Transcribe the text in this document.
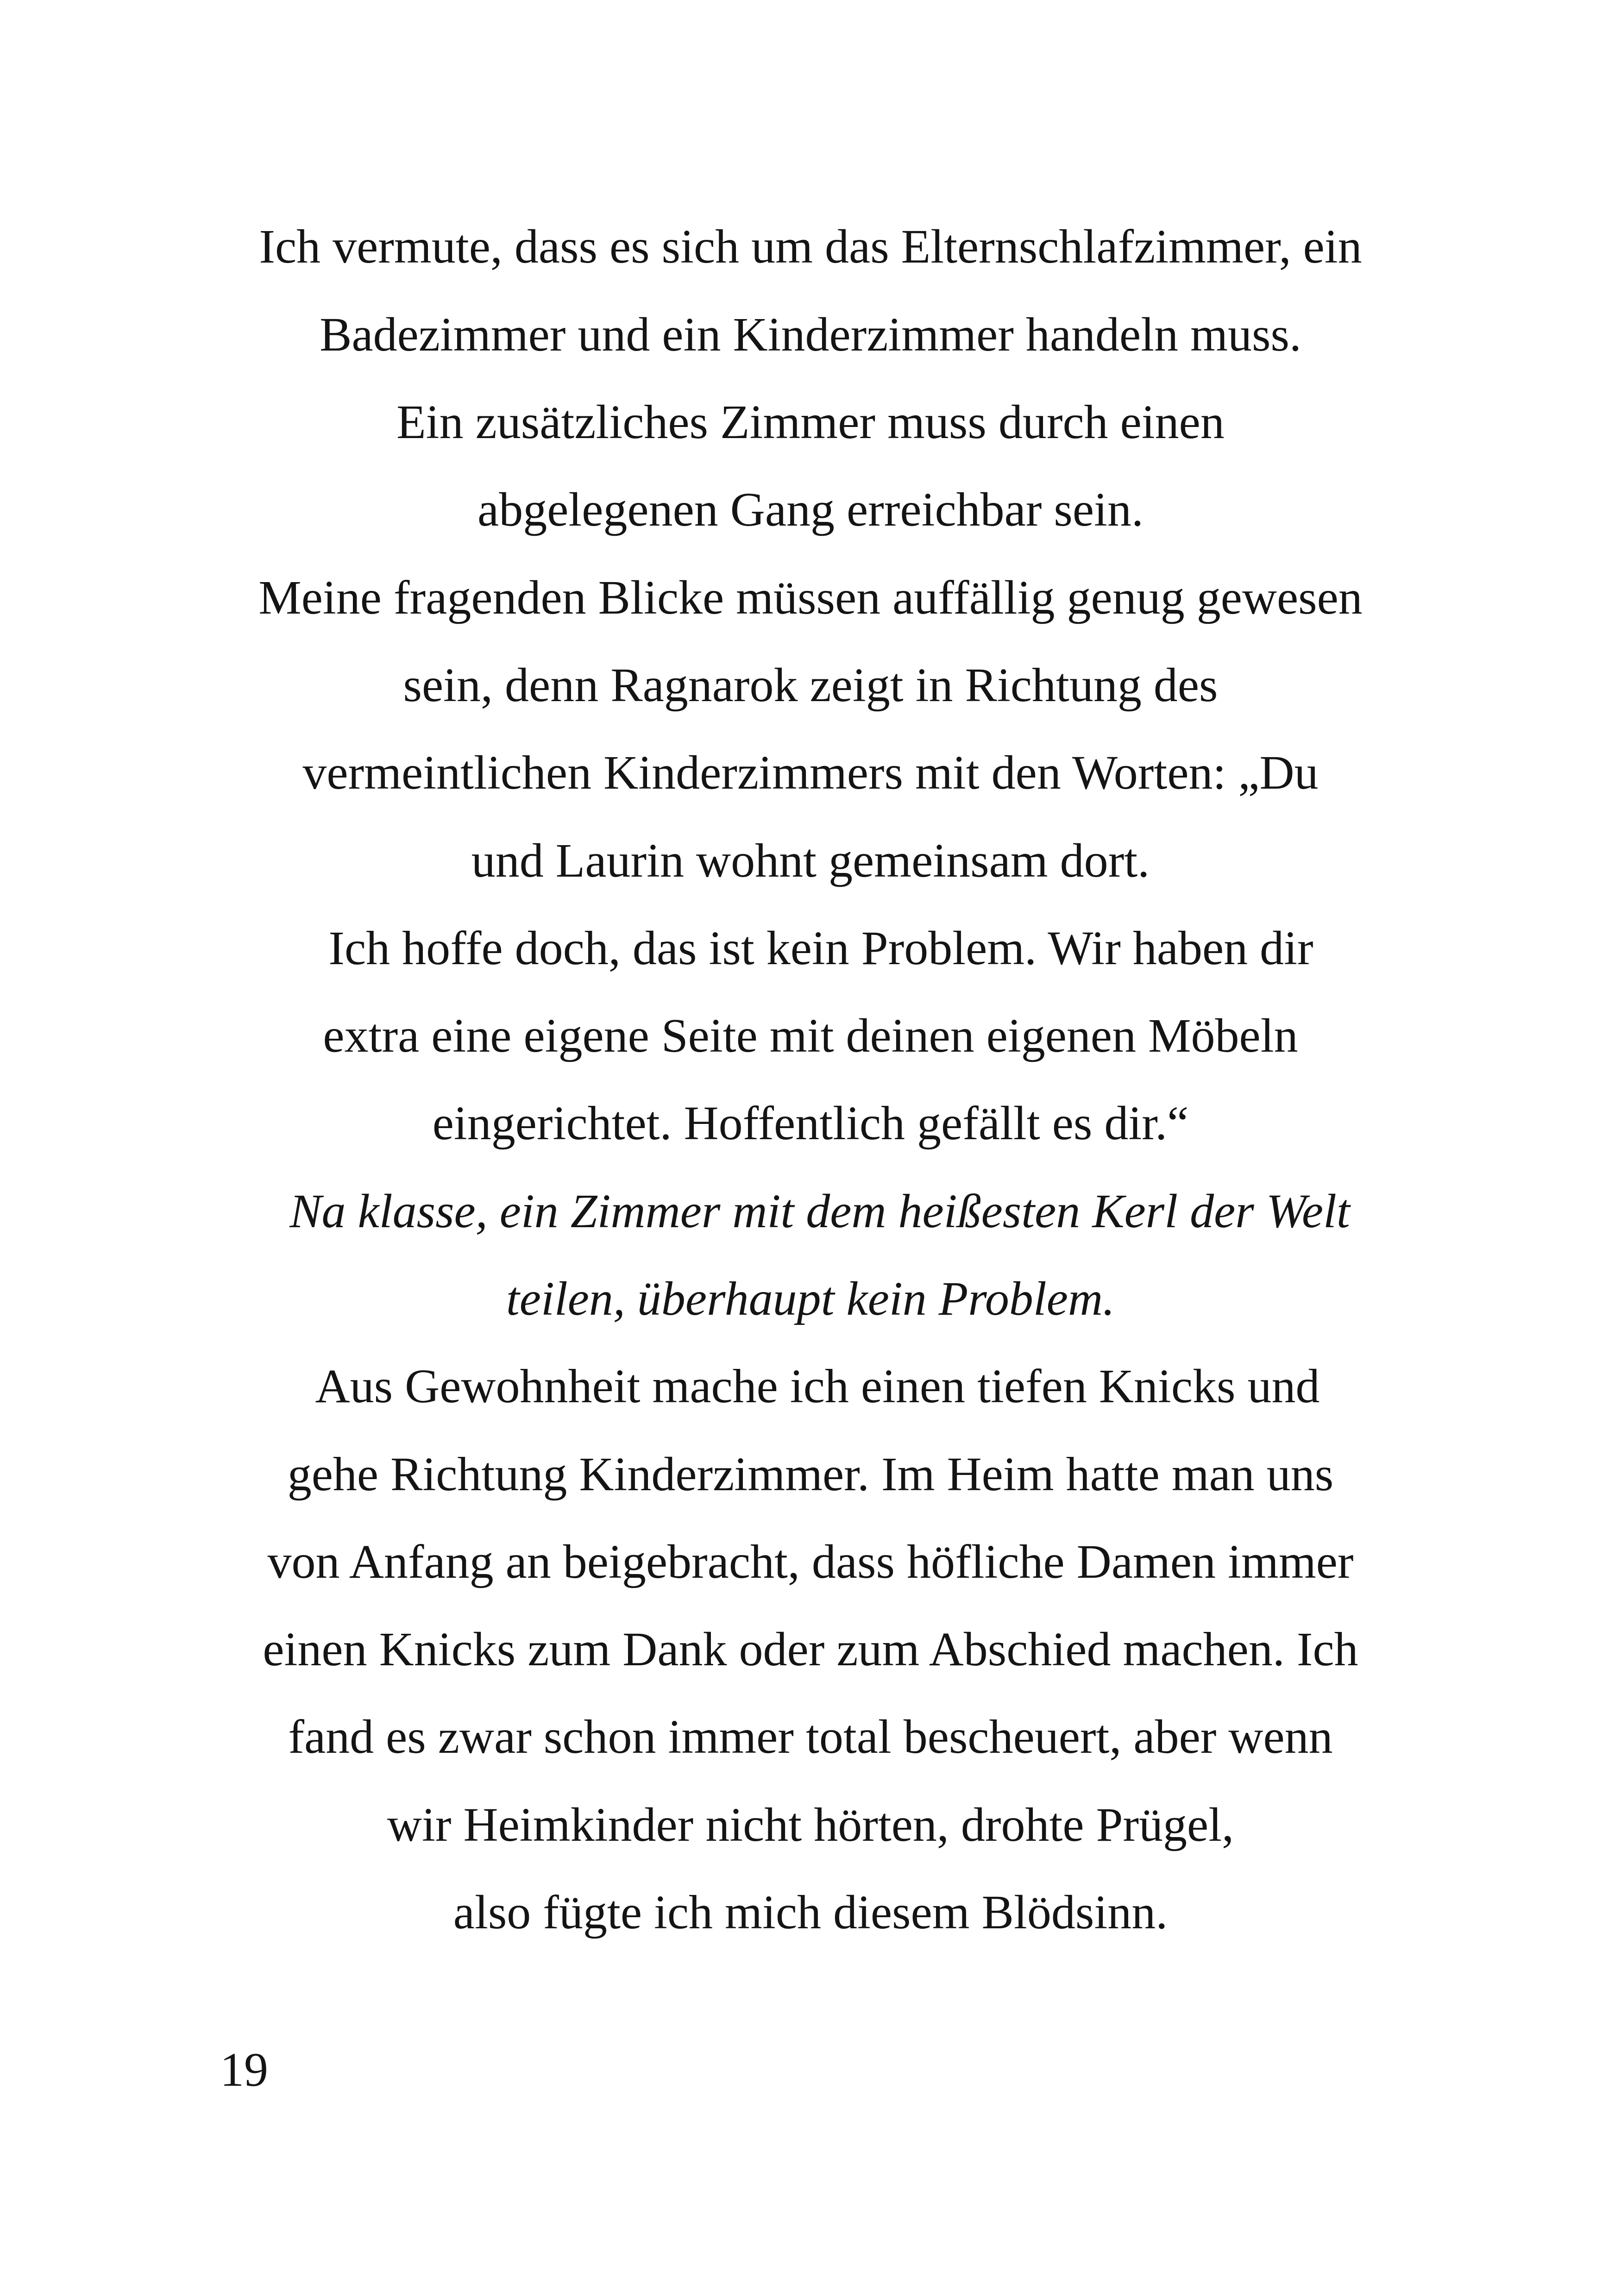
Ich vermute, dass es sich um das Elternschlafzimmer, ein
Badezimmer und ein Kinderzimmer handeln muss.
Ein zusätzliches Zimmer muss durch einen
abgelegenen Gang erreichbar sein.
Meine fragenden Blicke müssen auffällig genug gewesen
sein, denn Ragnarok zeigt in Richtung des
vermeintlichen Kinderzimmers mit den Worten: „Du
und Laurin wohnt gemeinsam dort.
Ich hoffe doch, das ist kein Problem. Wir haben dir
extra eine eigene Seite mit deinen eigenen Möbeln
eingerichtet. Hoffentlich gefällt es dir.“
Na klasse, ein Zimmer mit dem heißesten Kerl der Welt
teilen, überhaupt kein Problem.
Aus Gewohnheit mache ich einen tiefen Knicks und
gehe Richtung Kinderzimmer. Im Heim hatte man uns
von Anfang an beigebracht, dass höfliche Damen immer
einen Knicks zum Dank oder zum Abschied machen. Ich
fand es zwar schon immer total bescheuert, aber wenn
wir Heimkinder nicht hörten, drohte Prügel,
also fügte ich mich diesem Blödsinn.
19
